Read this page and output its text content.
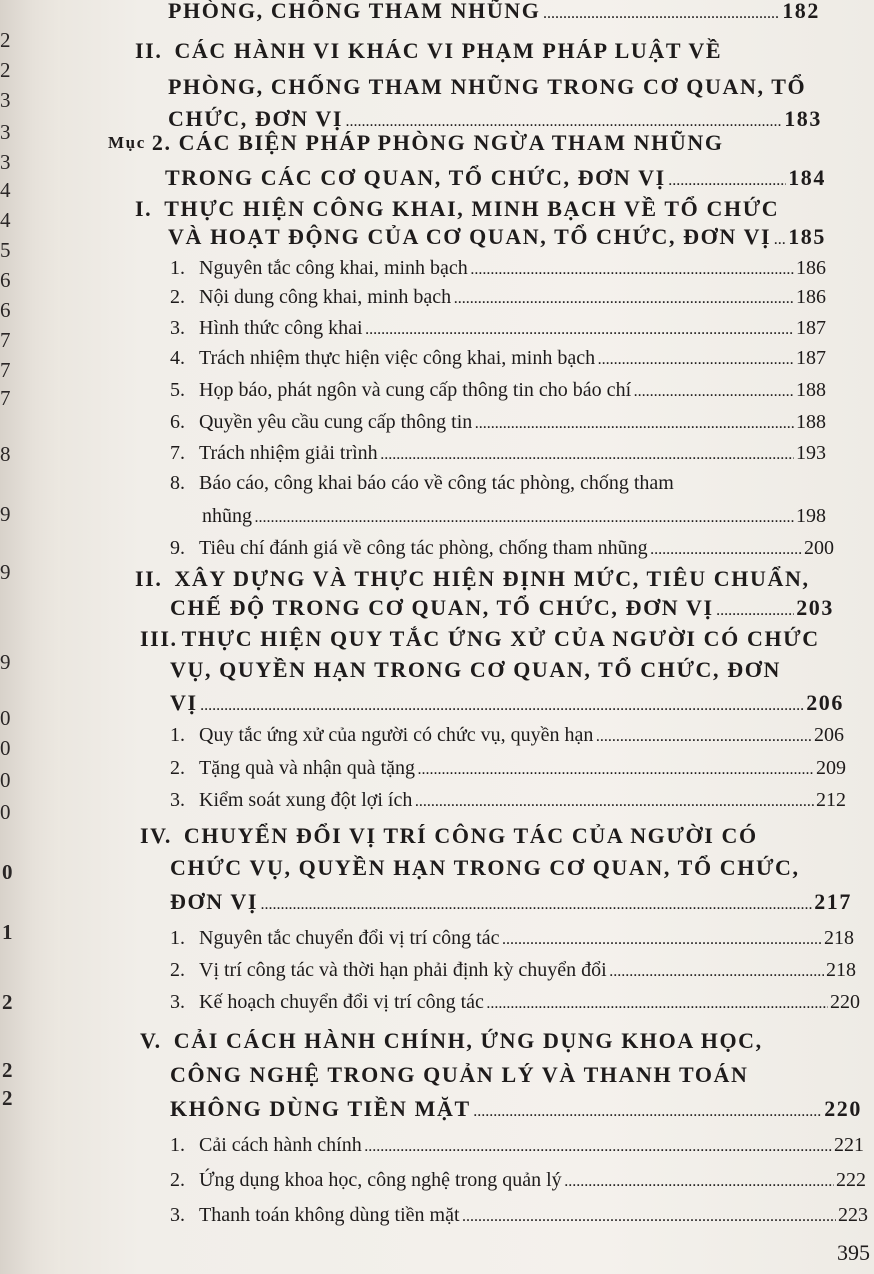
2
2
3
3
3
4
4
5
6
6
7
7
7
8
9
9
9
0
0
0
0
0
1
2
2
2
PHÒNG, CHỐNG THAM NHŨNG .....	182
II. CÁC HÀNH VI KHÁC VI PHẠM PHÁP LUẬT VỀ
PHÒNG, CHỐNG THAM NHŨNG TRONG CƠ QUAN, TỔ
CHỨC, ĐƠN VỊ .....	183
Mục 2. CÁC BIỆN PHÁP PHÒNG NGỪA THAM NHŨNG
TRONG CÁC CƠ QUAN, TỔ CHỨC, ĐƠN VỊ .....	184
I. THỰC HIỆN CÔNG KHAI, MINH BẠCH VỀ TỔ CHỨC
VÀ HOẠT ĐỘNG CỦA CƠ QUAN, TỔ CHỨC, ĐƠN VỊ ..... 185
1. Nguyên tắc công khai, minh bạch .....	186
2. Nội dung công khai, minh bạch .....	186
3. Hình thức công khai .....	187
4. Trách nhiệm thực hiện việc công khai, minh bạch .....	187
5. Họp báo, phát ngôn và cung cấp thông tin cho báo chí .....	188
6. Quyền yêu cầu cung cấp thông tin .....	188
7. Trách nhiệm giải trình .....	193
8. Báo cáo, công khai báo cáo về công tác phòng, chống tham
nhũng .....	198
9. Tiêu chí đánh giá về công tác phòng, chống tham nhũng .....	200
II. XÂY DỰNG VÀ THỰC HIỆN ĐỊNH MỨC, TIÊU CHUẨN,
CHẾ ĐỘ TRONG CƠ QUAN, TỔ CHỨC, ĐƠN VỊ .....	203
III. THỰC HIỆN QUY TẮC ỨNG XỬ CỦA NGƯỜI CÓ CHỨC
VỤ, QUYỀN HẠN TRONG CƠ QUAN, TỔ CHỨC, ĐƠN
VỊ .....	206
1. Quy tắc ứng xử của người có chức vụ, quyền hạn .....	206
2. Tặng quà và nhận quà tặng .....	209
3. Kiểm soát xung đột lợi ích .....	212
IV. CHUYỂN ĐỔI VỊ TRÍ CÔNG TÁC CỦA NGƯỜI CÓ
CHỨC VỤ, QUYỀN HẠN TRONG CƠ QUAN, TỔ CHỨC,
ĐƠN VỊ .....	217
1. Nguyên tắc chuyển đổi vị trí công tác .....	218
2. Vị trí công tác và thời hạn phải định kỳ chuyển đổi .....	218
3. Kế hoạch chuyển đổi vị trí công tác .....	220
V. CẢI CÁCH HÀNH CHÍNH, ỨNG DỤNG KHOA HỌC,
CÔNG NGHỆ TRONG QUẢN LÝ VÀ THANH TOÁN
KHÔNG DÙNG TIỀN MẶT .....	220
1. Cải cách hành chính .....	221
2. Ứng dụng khoa học, công nghệ trong quản lý .....	222
3. Thanh toán không dùng tiền mặt .....	223
395
